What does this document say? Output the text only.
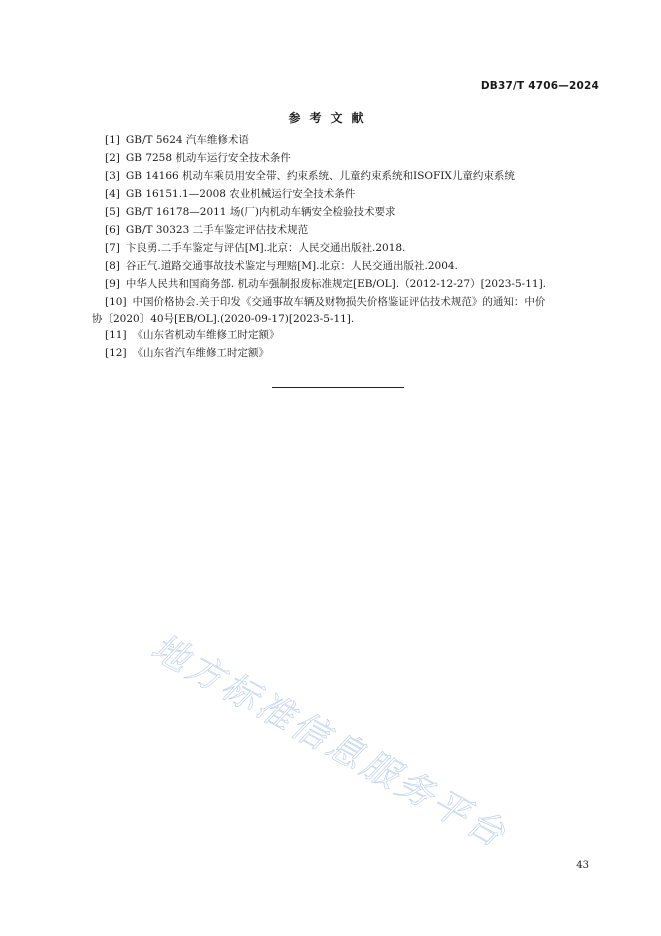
DB37/T 4706—2024
参考文献
[1] GB/T 5624 汽车维修术语
[2] GB 7258 机动车运行安全技术条件
[3] GB 14166 机动车乘员用安全带、约束系统、儿童约束系统和ISOFIX儿童约束系统
[4] GB 16151.1—2008 农业机械运行安全技术条件
[5] GB/T 16178—2011 场(厂)内机动车辆安全检验技术要求
[6] GB/T 30323 二手车鉴定评估技术规范
[7] 卞良勇.二手车鉴定与评估[M].北京：人民交通出版社.2018.
[8] 谷正气.道路交通事故技术鉴定与理赔[M].北京：人民交通出版社.2004.
[9] 中华人民共和国商务部. 机动车强制报废标准规定[EB/OL].（2012-12-27）[2023-5-11].
[10] 中国价格协会.关于印发《交通事故车辆及财物损失价格鉴证评估技术规范》的通知：中价
协〔2020〕40号[EB/OL].(2020-09-17)[2023-5-11].
[11] 《山东省机动车维修工时定额》
[12] 《山东省汽车维修工时定额》
地方标准信息服务平台
43
